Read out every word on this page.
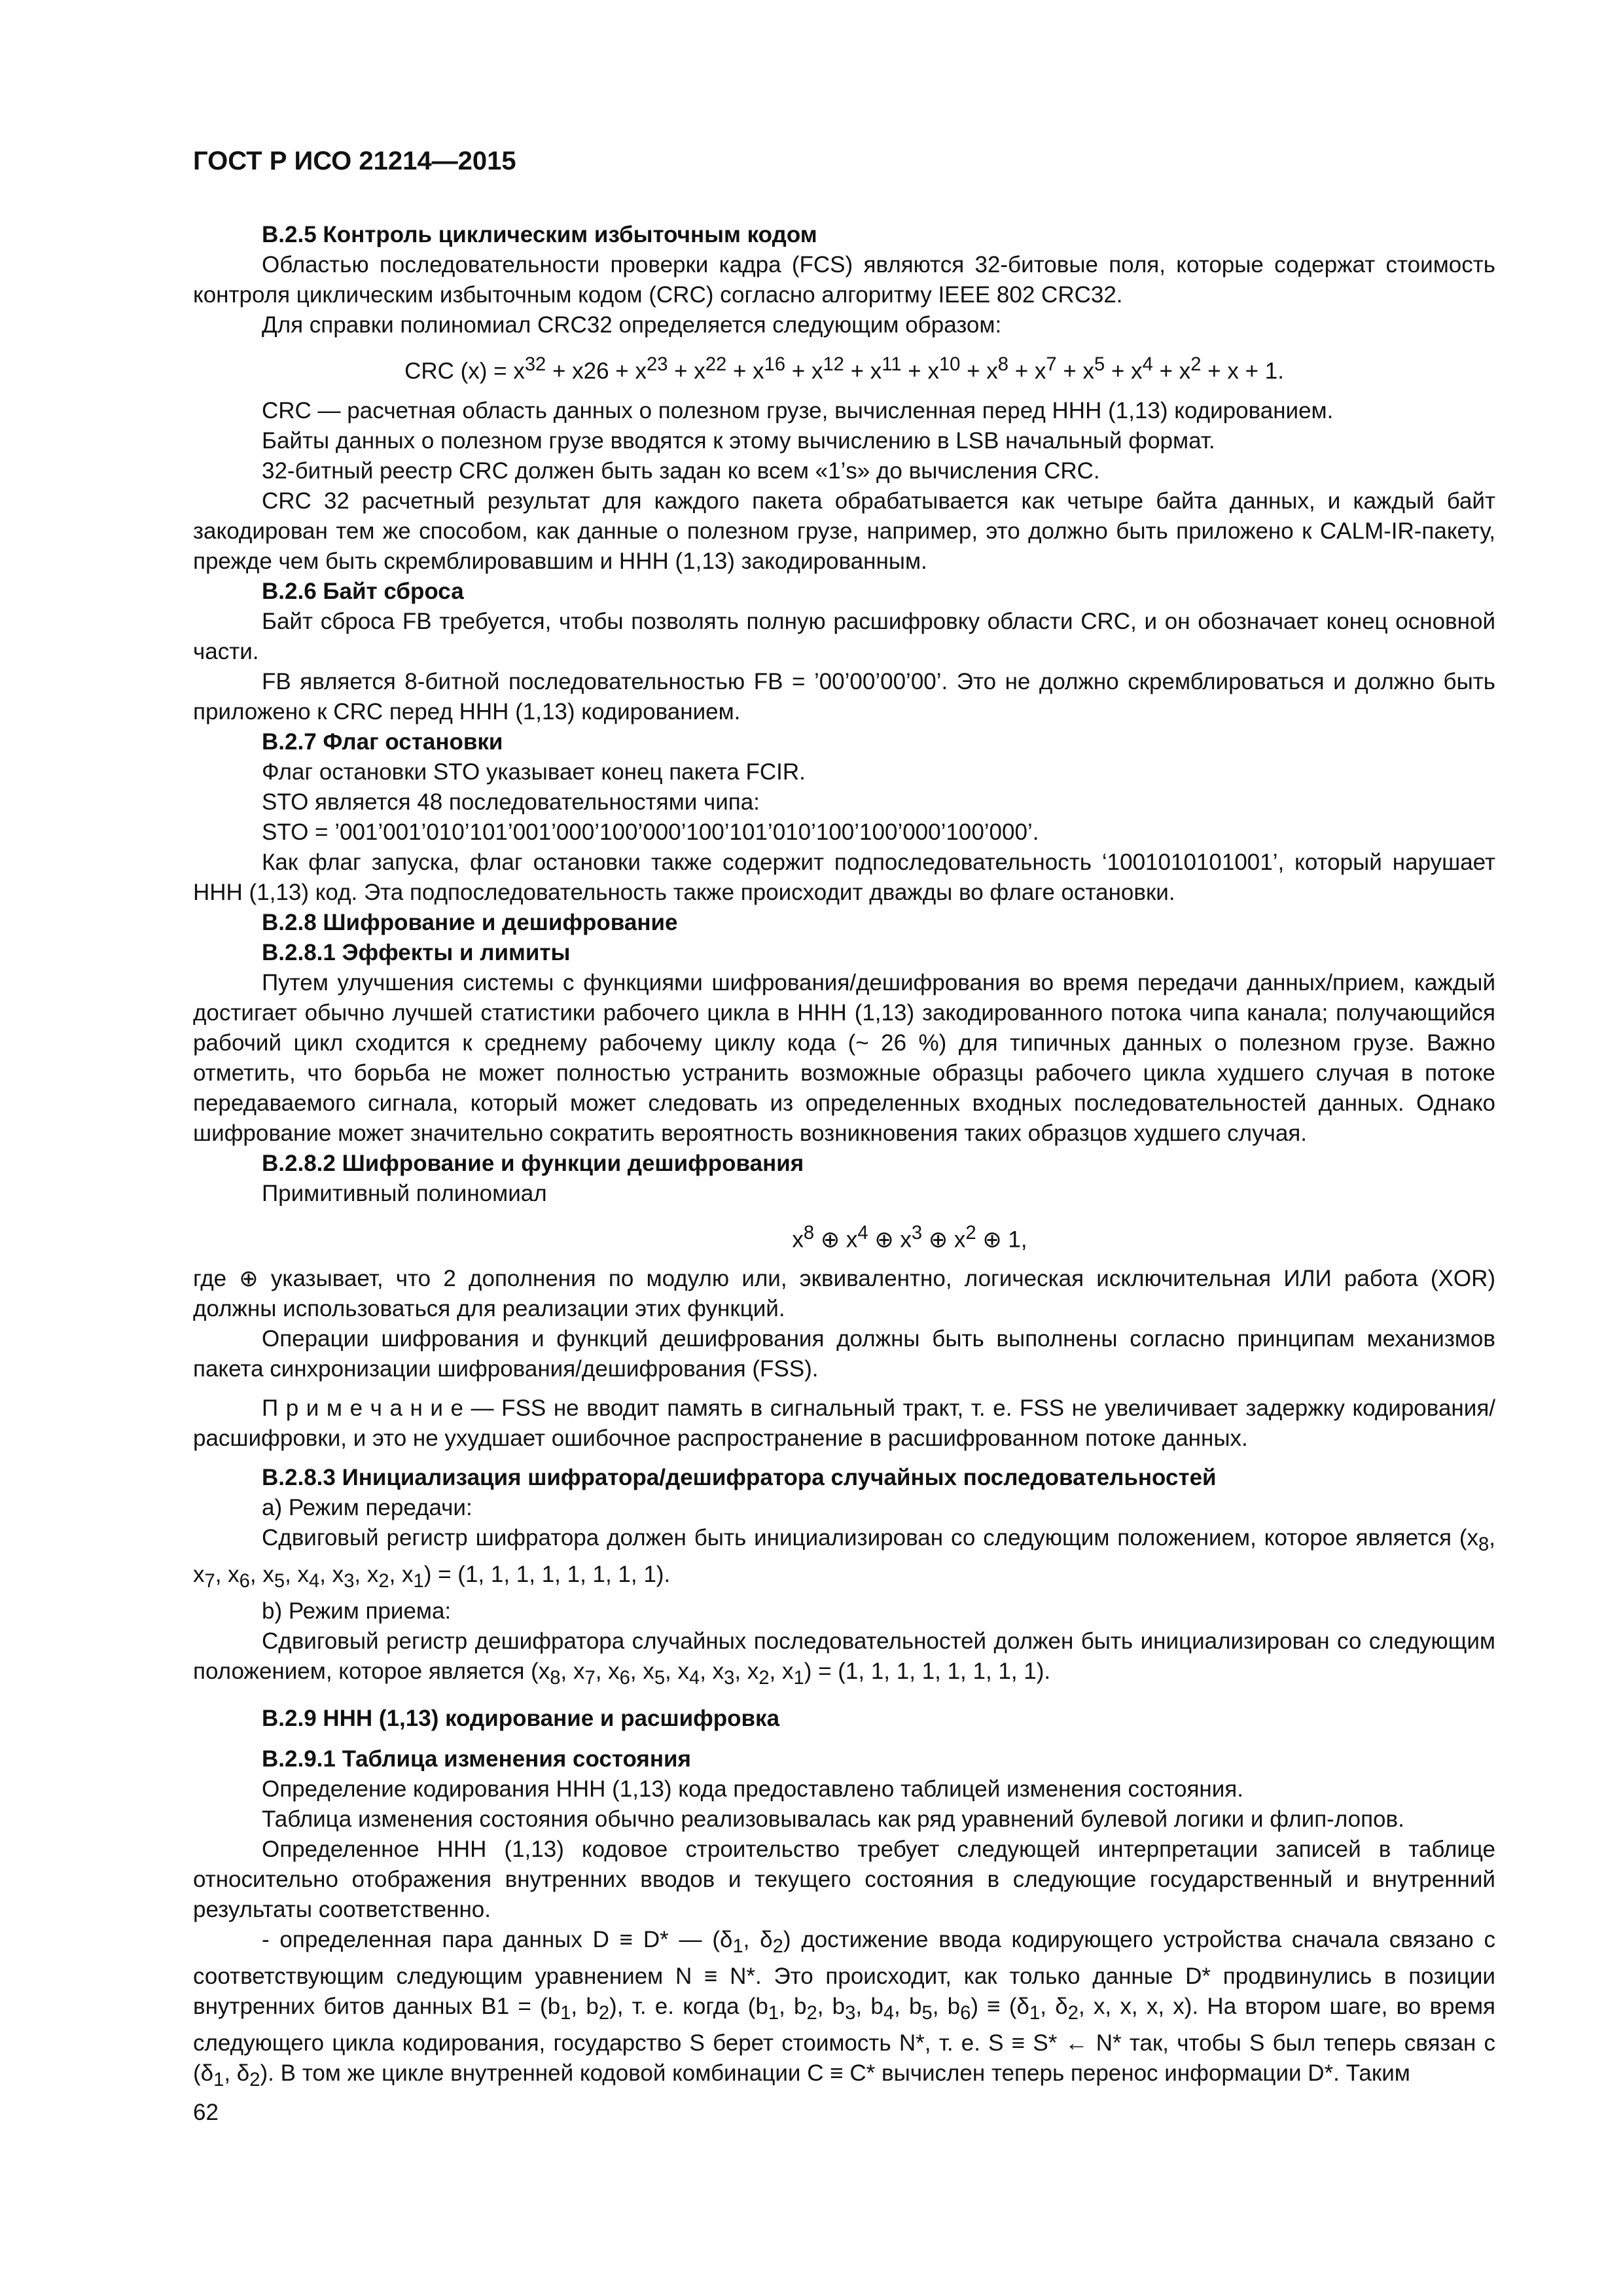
ГОСТ Р ИСО 21214—2015
B.2.5 Контроль циклическим избыточным кодом
Областью последовательности проверки кадра (FCS) являются 32-битовые поля, которые содержат стоимость контроля циклическим избыточным кодом (CRC) согласно алгоритму IEEE 802 CRC32.
Для справки полиномиал CRC32 определяется следующим образом:
CRC $(x) = x^{32} + x26 + x^{23} + x^{22} + x^{16} + x^{12} + x^{11} + x^{10} + x^8 + x^7 + x^5 + x^4 + x^2 + x + 1$.
CRC — расчетная область данных о полезном грузе, вычисленная перед HHH (1,13) кодированием.
Байты данных о полезном грузе вводятся к этому вычислению в LSB начальный формат.
32-битный реестр CRC должен быть задан ко всем «1’s» до вычисления CRC.
CRC 32 расчетный результат для каждого пакета обрабатывается как четыре байта данных, и каждый байт закодирован тем же способом, как данные о полезном грузе, например, это должно быть приложено к CALM-IR-пакету, прежде чем быть скремблировавшим и HHH (1,13) закодированным.
B.2.6 Байт сброса
Байт сброса FB требуется, чтобы позволять полную расшифровку области CRC, и он обозначает конец основной части.
FB является 8-битной последовательностью FB = ’00’00’00’00’. Это не должно скремблироваться и должно быть приложено к CRC перед HHH (1,13) кодированием.
B.2.7 Флаг остановки
Флаг остановки STO указывает конец пакета FCIR.
STO является 48 последовательностями чипа:
STO = ’001’001’010’101’001’000’100’000’100’101’010’100’100’000’100’000’.
Как флаг запуска, флаг остановки также содержит подпоследовательность ‘1001010101001’, который нарушает HHH (1,13) код. Эта подпоследовательность также происходит дважды во флаге остановки.
B.2.8 Шифрование и дешифрование
B.2.8.1 Эффекты и лимиты
Путем улучшения системы с функциями шифрования/дешифрования во время передачи данных/прием, каждый достигает обычно лучшей статистики рабочего цикла в HHH (1,13) закодированного потока чипа канала; получающийся рабочий цикл сходится к среднему рабочему циклу кода (~ 26 %) для типичных данных о полезном грузе. Важно отметить, что борьба не может полностью устранить возможные образцы рабочего цикла худшего случая в потоке передаваемого сигнала, который может следовать из определенных входных последовательностей данных. Однако шифрование может значительно сократить вероятность возникновения таких образцов худшего случая.
B.2.8.2 Шифрование и функции дешифрования
Примитивный полиномиал
$x^8$ ⊕ $x^4$ ⊕ $x^3$ ⊕ $x^2$ ⊕ 1,
где ⊕ указывает, что 2 дополнения по модулю или, эквивалентно, логическая исключительная ИЛИ работа (XOR) должны использоваться для реализации этих функций.
Операции шифрования и функций дешифрования должны быть выполнены согласно принципам механизмов пакета синхронизации шифрования/дешифрования (FSS).
П р и м е ч а н и е — FSS не вводит память в сигнальный тракт, т. е. FSS не увеличивает задержку кодирования/расшифровки, и это не ухудшает ошибочное распространение в расшифрованном потоке данных.
B.2.8.3 Инициализация шифратора/дешифратора случайных последовательностей
a) Режим передачи:
Сдвиговый регистр шифратора должен быть инициализирован со следующим положением, которое является ($x_8$, $x_7$, $x_6$, $x_5$, $x_4$, $x_3$, $x_2$, $x_1) = (1$, 1, 1, 1, 1, 1, 1, 1).
b) Режим приема:
Сдвиговый регистр дешифратора случайных последовательностей должен быть инициализирован со следующим положением, которое является ($x_8$, $x_7$, $x_6$, $x_5$, $x_4$, $x_3$, $x_2$, $x_1) = (1$, 1, 1, 1, 1, 1, 1, 1).
B.2.9 HHH (1,13) кодирование и расшифровка
B.2.9.1 Таблица изменения состояния
Определение кодирования HHH (1,13) кода предоставлено таблицей изменения состояния.
Таблица изменения состояния обычно реализовывалась как ряд уравнений булевой логики и флип-лопов.
Определенное HHH (1,13) кодовое строительство требует следующей интерпретации записей в таблице относительно отображения внутренних вводов и текущего состояния в следующие государственный и внутренний результаты соответственно.
- определенная пара данных D ≡ D* — ($\delta_1$, $\delta_2$) достижение ввода кодирующего устройства сначала связано с соответствующим следующим уравнением N ≡ N*. Это происходит, как только данные D* продвинулись в позиции внутренних битов данных $B1 = (b_1$, $b_2$), т. е. когда ($b_1$, $b_2$, $b_3$, $b_4$, $b_5$, $b_6) \equiv (\delta_1$, $\delta_2$, x, x, x, x). На втором шаге, во время следующего цикла кодирования, государство S берет стоимость N*, т. е. S ≡ S* ← N* так, чтобы S был теперь связан с ($\delta_1$, $\delta_2$). В том же цикле внутренней кодовой комбинации C ≡ C* вычислен теперь перенос информации D*. Таким
62
